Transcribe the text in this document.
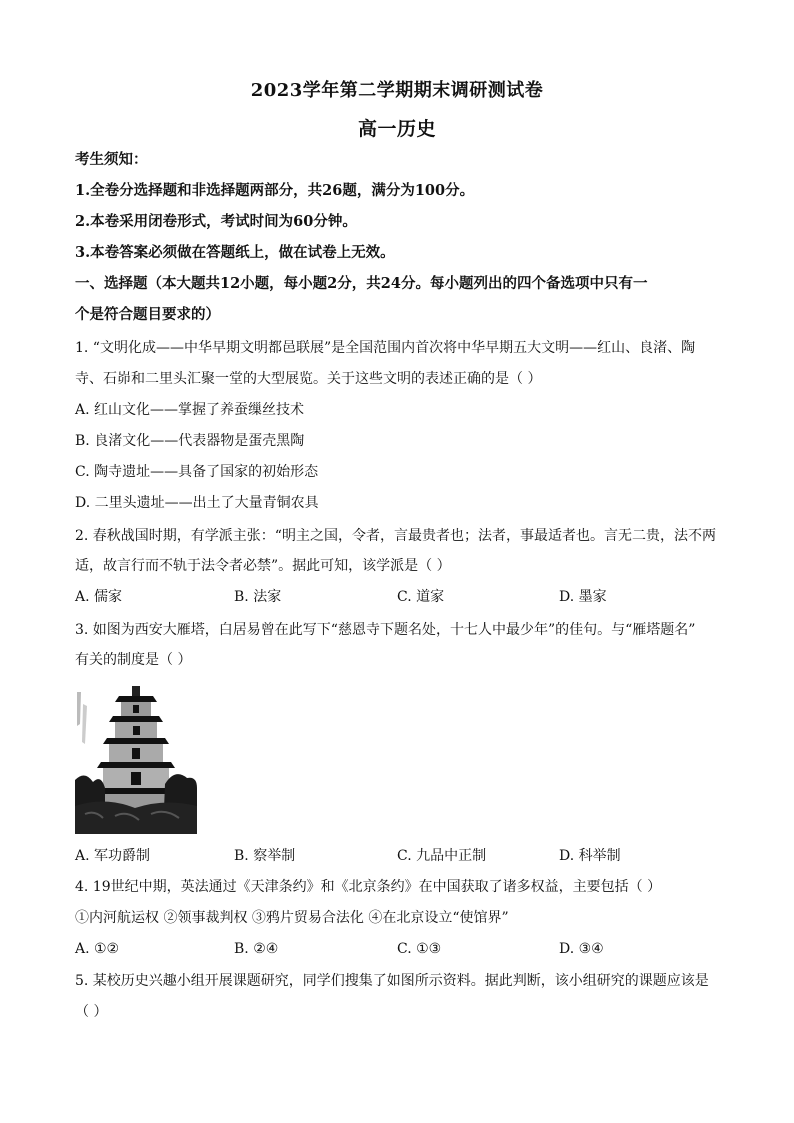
2023学年第二学期期末调研测试卷
高一历史
考生须知：
1.全卷分选择题和非选择题两部分，共26题，满分为100分。
2.本卷采用闭卷形式，考试时间为60分钟。
3.本卷答案必须做在答题纸上，做在试卷上无效。
一、选择题（本大题共12小题，每小题2分，共24分。每小题列出的四个备选项中只有一
个是符合题目要求的）
1. “文明化成——中华早期文明都邑联展”是全国范围内首次将中华早期五大文明——红山、良渚、陶
寺、石峁和二里头汇聚一堂的大型展览。关于这些文明的表述正确的是（ ）
A. 红山文化——掌握了养蚕缫丝技术
B. 良渚文化——代表器物是蛋壳黑陶
C. 陶寺遗址——具备了国家的初始形态
D. 二里头遗址——出土了大量青铜农具
2. 春秋战国时期，有学派主张：“明主之国，令者，言最贵者也；法者，事最适者也。言无二贵，法不两
适，故言行而不轨于法令者必禁”。据此可知，该学派是（ ）
A. 儒家	B. 法家	C. 道家	D. 墨家
3. 如图为西安大雁塔，白居易曾在此写下“慈恩寺下题名处，十七人中最少年”的佳句。与“雁塔题名”
有关的制度是（ ）
A. 军功爵制	B. 察举制	C. 九品中正制	D. 科举制
4. 19世纪中期，英法通过《天津条约》和《北京条约》在中国获取了诸多权益，主要包括（ ）
①内河航运权 ②领事裁判权 ③鸦片贸易合法化 ④在北京设立“使馆界”
A. ①②	B. ②④	C. ①③	D. ③④
5. 某校历史兴趣小组开展课题研究，同学们搜集了如图所示资料。据此判断，该小组研究的课题应该是
（ ）
